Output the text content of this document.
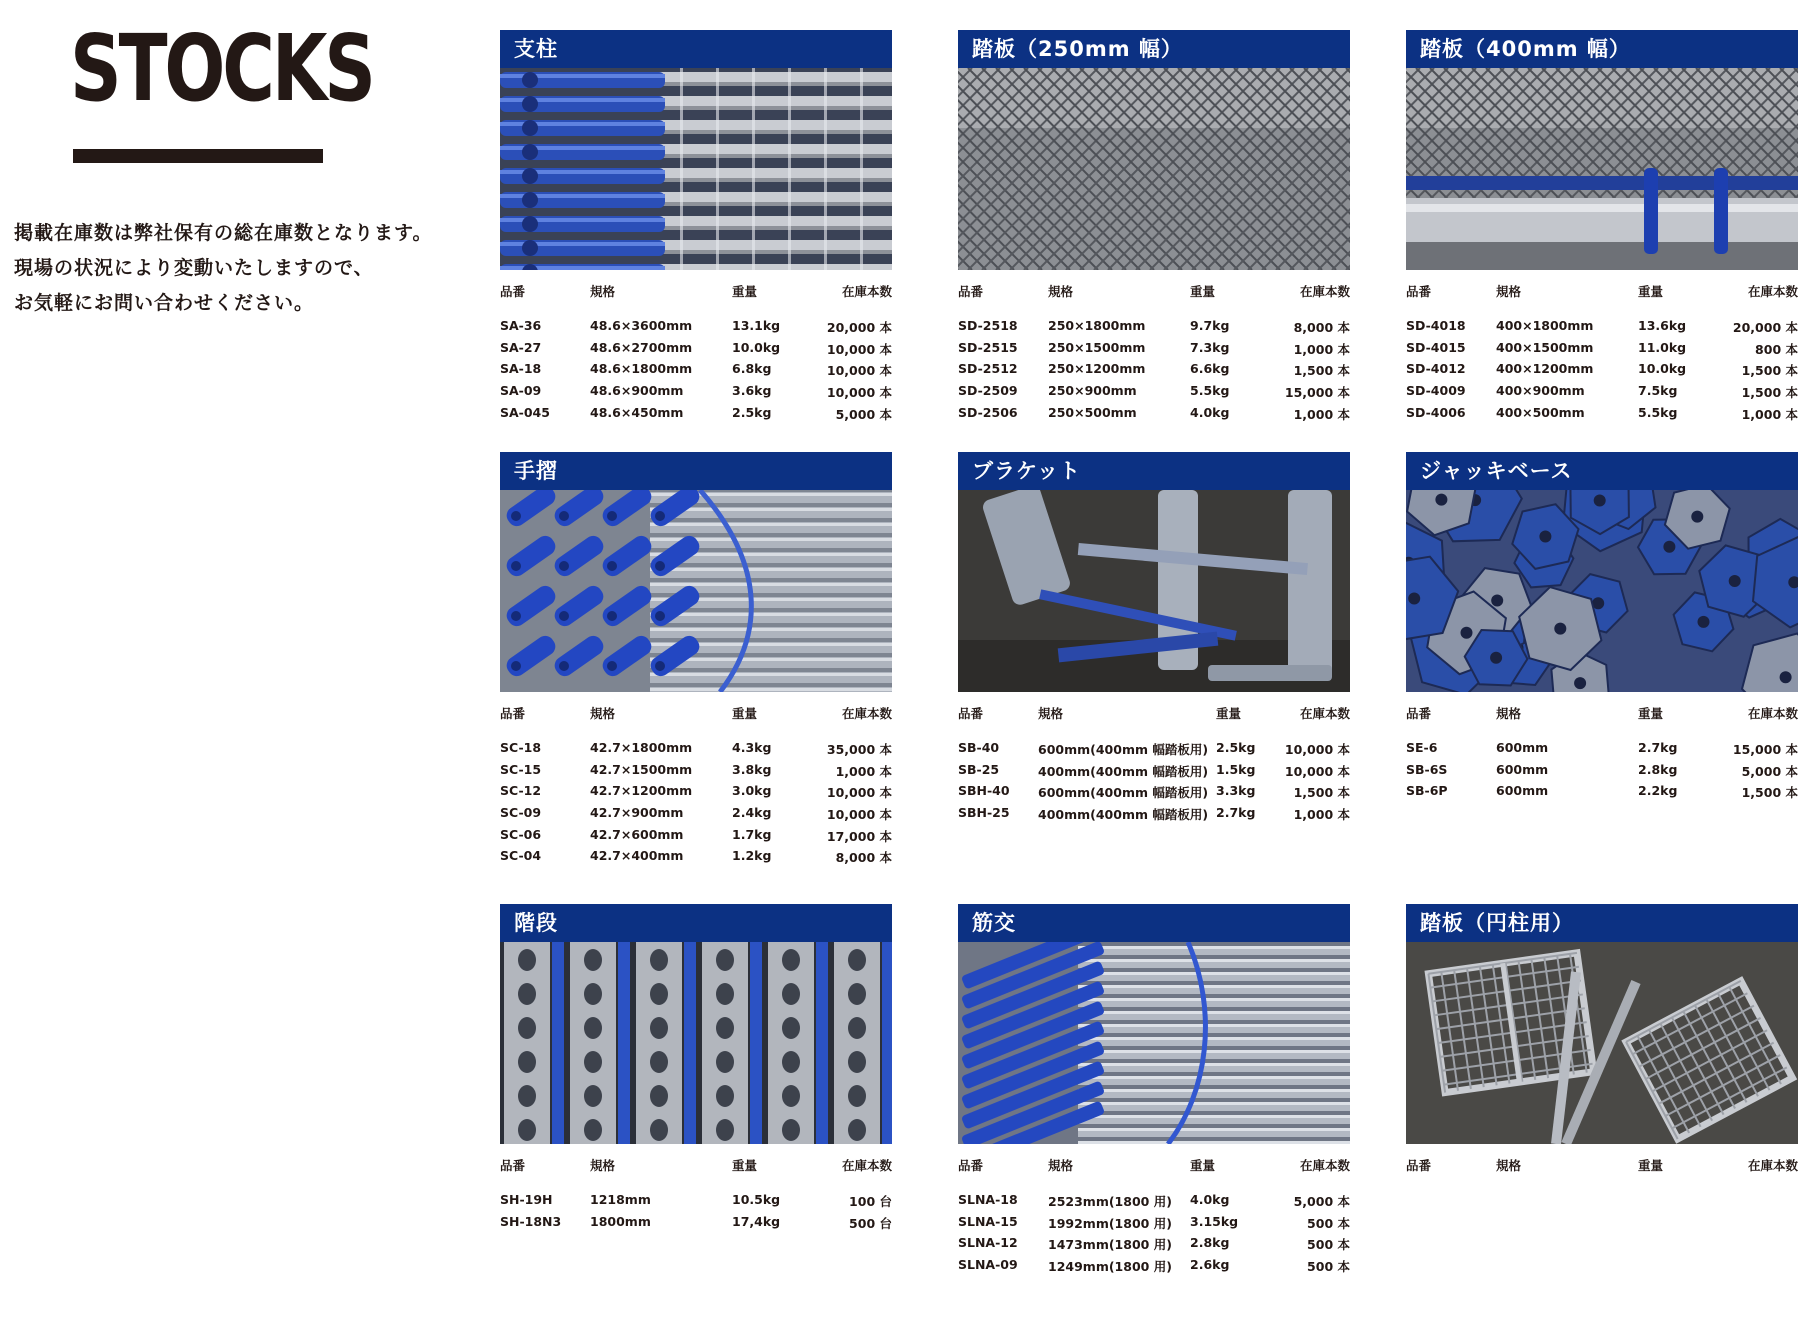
STOCKS
掲載在庫数は弊社保有の総在庫数となります。
現場の状況により変動いたしますので、
お気軽にお問い合わせください。
支柱
品番	規格	重量	在庫本数
SA-36	48.6×3600mm	13.1kg	20,000 本
SA-27	48.6×2700mm	10.0kg	10,000 本
SA-18	48.6×1800mm	6.8kg	10,000 本
SA-09	48.6×900mm	3.6kg	10,000 本
SA-045	48.6×450mm	2.5kg	5,000 本
踏板（250mm 幅）
品番	規格	重量	在庫本数
SD-2518 250×1800mm	9.7kg	8,000 本
SD-2515 250×1500mm	7.3kg	1,000 本
SD-2512 250×1200mm	6.6kg	1,500 本
SD-2509 250×900mm	5.5kg	15,000 本
SD-2506 250×500mm	4.0kg	1,000 本
踏板（400mm 幅）
品番	規格	重量	在庫本数
SD-4018 400×1800mm	13.6kg	20,000 本
SD-4015 400×1500mm	11.0kg	800 本
SD-4012 400×1200mm	10.0kg	1,500 本
SD-4009 400×900mm	7.5kg	1,500 本
SD-4006 400×500mm	5.5kg	1,000 本
手摺
品番	規格	重量	在庫本数
SC-18	42.7×1800mm	4.3kg	35,000 本
SC-15	42.7×1500mm	3.8kg	1,000 本
SC-12	42.7×1200mm	3.0kg	10,000 本
SC-09	42.7×900mm	2.4kg	10,000 本
SC-06	42.7×600mm	1.7kg	17,000 本
SC-04	42.7×400mm	1.2kg	8,000 本
ブラケット
品番	規格	重量	在庫本数
SB-40	600mm(400mm 幅踏板用) 2.5kg 10,000 本
SB-25	400mm(400mm 幅踏板用) 1.5kg 10,000 本
SBH-40 600mm(400mm 幅踏板用) 3.3kg	1,500 本
SBH-25 400mm(400mm 幅踏板用) 2.7kg	1,000 本
ジャッキベース
品番	規格	重量	在庫本数
SE-6	600mm	2.7kg	15,000 本
SB-6S	600mm	2.8kg	5,000 本
SB-6P	600mm	2.2kg	1,500 本
階段
品番	規格	重量	在庫本数
SH-19H	1218mm	10.5kg	100 台
SH-18N3 1800mm	17,4kg	500 台
筋交
品番	規格	重量	在庫本数
SLNA-18 2523mm(1800 用) 4.0kg	5,000 本
SLNA-15 1992mm(1800 用) 3.15kg	500 本
SLNA-12 1473mm(1800 用) 2.8kg	500 本
SLNA-09 1249mm(1800 用) 2.6kg	500 本
踏板（円柱用）
品番	規格	重量	在庫本数
